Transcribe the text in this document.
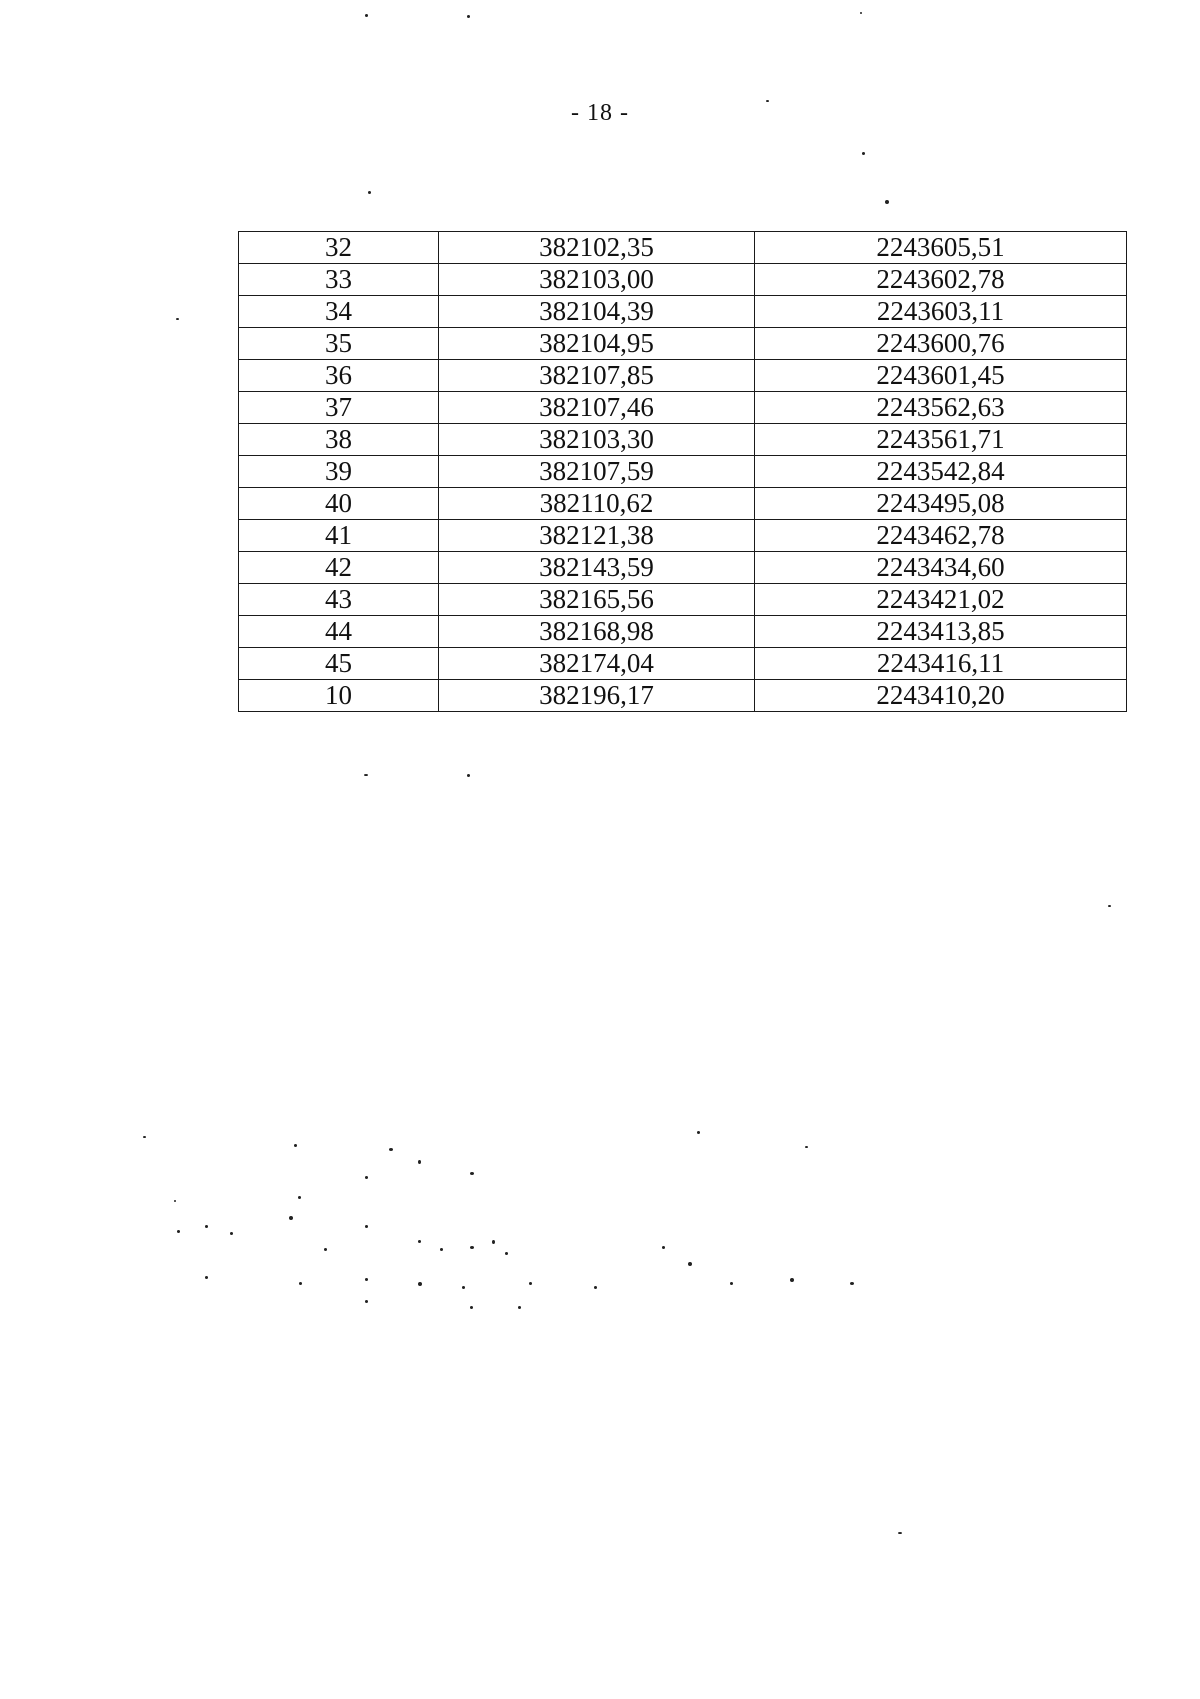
- 18 -
32	382102,35	2243605,51
33	382103,00	2243602,78
34	382104,39	2243603,11
35	382104,95	2243600,76
36	382107,85	2243601,45
37	382107,46	2243562,63
38	382103,30	2243561,71
39	382107,59	2243542,84
40	382110,62	2243495,08
41	382121,38	2243462,78
42	382143,59	2243434,60
43	382165,56	2243421,02
44	382168,98	2243413,85
45	382174,04	2243416,11
10	382196,17	2243410,20
